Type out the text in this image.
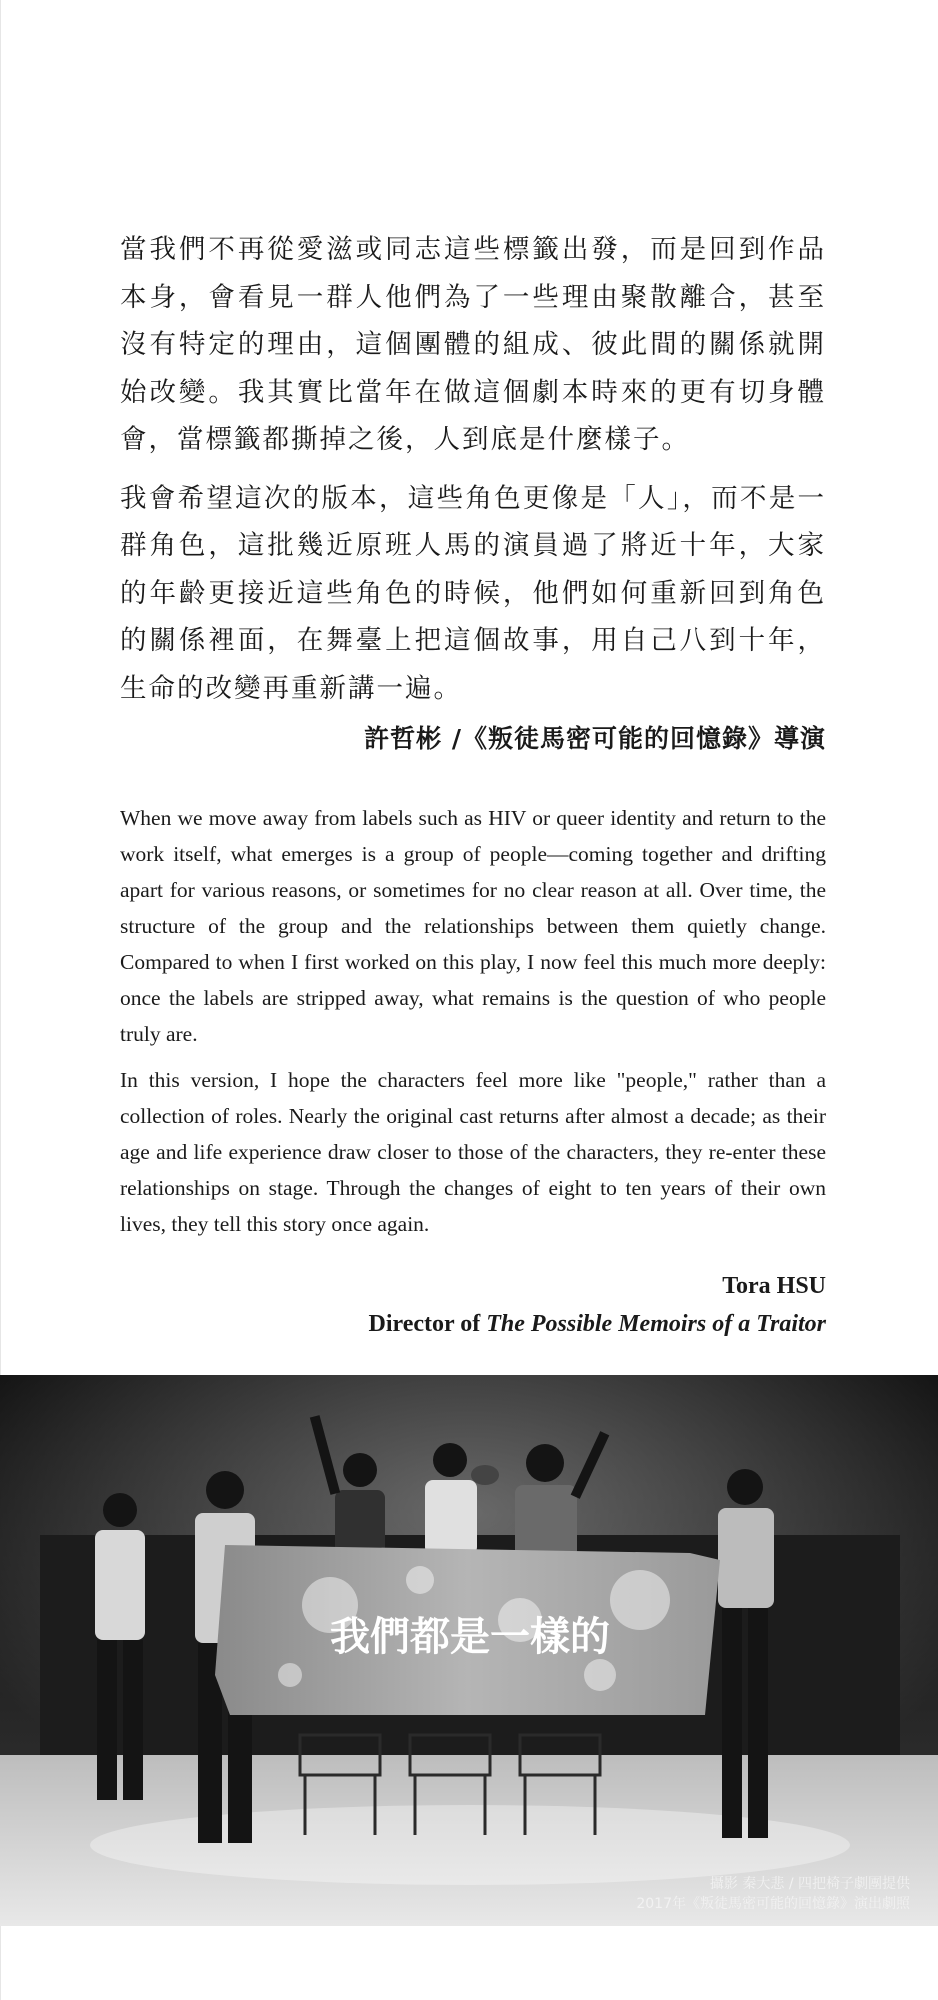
當我們不再從愛滋或同志這些標籤出發，而是回到作品本身，會看見一群人他們為了一些理由聚散離合，甚至沒有特定的理由，這個團體的組成、彼此間的關係就開始改變。我其實比當年在做這個劇本時來的更有切身體會，當標籤都撕掉之後，人到底是什麼樣子。

我會希望這次的版本，這些角色更像是「人」，而不是一群角色，這批幾近原班人馬的演員過了將近十年，大家的年齡更接近這些角色的時候，他們如何重新回到角色的關係裡面，在舞臺上把這個故事，用自己八到十年，生命的改變再重新講一遍。

許哲彬 /《叛徒馬密可能的回憶錄》導演

When we move away from labels such as HIV or queer identity and return to the work itself, what emerges is a group of people—coming together and drifting apart for various reasons, or sometimes for no clear reason at all. Over time, the structure of the group and the relationships between them quietly change. Compared to when I first worked on this play, I now feel this much more deeply: once the labels are stripped away, what remains is the question of who people truly are.

In this version, I hope the characters feel more like "people," rather than a collection of roles. Nearly the original cast returns after almost a decade; as their age and life experience draw closer to those of the characters, they re-enter these relationships on stage. Through the changes of eight to ten years of their own lives, they tell this story once again.

Tora HSU
Director of The Possible Memoirs of a Traitor
我們都是一樣的
攝影 秦大悲 / 四把椅子劇團提供
2017年《叛徒馬密可能的回憶錄》演出劇照
